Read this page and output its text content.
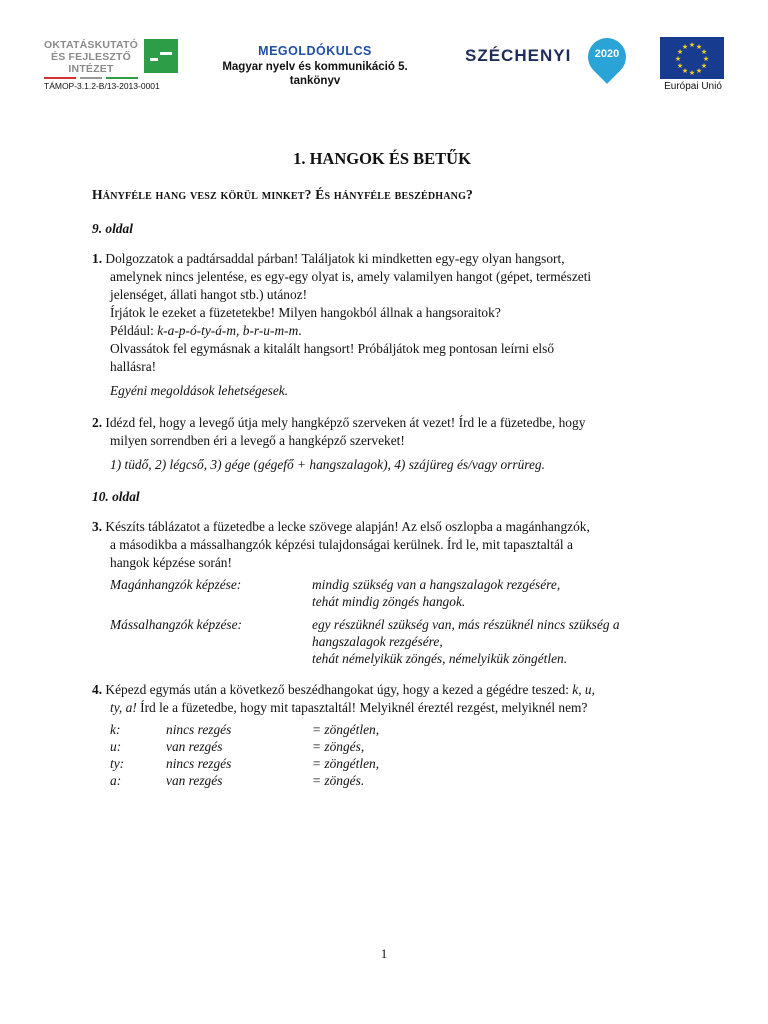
OKTATÁSKUTATÓ
ÉS FEJLESZTŐ
INTÉZET
TÁMOP-3.1.2-B/13-2013-0001
MEGOLDÓKULCS
Magyar nyelv és kommunikáció 5.
tankönyv
SZÉCHENYI	2020
★ ★
★
★
★
★
★
★
★
★
★
★
Európai Unió
1. HANGOK ÉS BETŰK
Hányféle hang vesz körül minket? És hányféle beszédhang?
9. oldal
1. Dolgozzatok a padtársaddal párban! Találjatok ki mindketten egy-egy olyan hangsort,
amelynek nincs jelentése, es egy-egy olyat is, amely valamilyen hangot (gépet, természeti
jelenséget, állati hangot stb.) utánoz!
Írjátok le ezeket a füzetetekbe! Milyen hangokból állnak a hangsoraitok?
Például: k-a-p-ó-ty-á-m, b-r-u-m-m.
Olvassátok fel egymásnak a kitalált hangsort! Próbáljátok meg pontosan leírni első
hallásra!
Egyéni megoldások lehetségesek.
2. Idézd fel, hogy a levegő útja mely hangképző szerveken át vezet! Írd le a füzetedbe, hogy
milyen sorrendben éri a levegő a hangképző szerveket!
1) tüdő, 2) légcső, 3) gége (gégefő + hangszalagok), 4) szájüreg és/vagy orrüreg.
10. oldal
3. Készíts táblázatot a füzetedbe a lecke szövege alapján! Az első oszlopba a magánhangzók,
a másodikba a mássalhangzók képzési tulajdonságai kerülnek. Írd le, mit tapasztaltál a
hangok képzése során!
Magánhangzók képzése:	mindig szükség van a hangszalagok rezgésére,
tehát mindig zöngés hangok.
Mássalhangzók képzése:	egy részüknél szükség van, más részüknél nincs szükség a
hangszalagok rezgésére,
tehát némelyikük zöngés, némelyikük zöngétlen.
4. Képezd egymás után a következő beszédhangokat úgy, hogy a kezed a gégédre teszed: k, u,
ty, a! Írd le a füzetedbe, hogy mit tapasztaltál! Melyiknél éreztél rezgést, melyiknél nem?
k:	nincs rezgés	= zöngétlen,
u:	van rezgés	= zöngés,
ty:	nincs rezgés	= zöngétlen,
a:	van rezgés	= zöngés.
1
